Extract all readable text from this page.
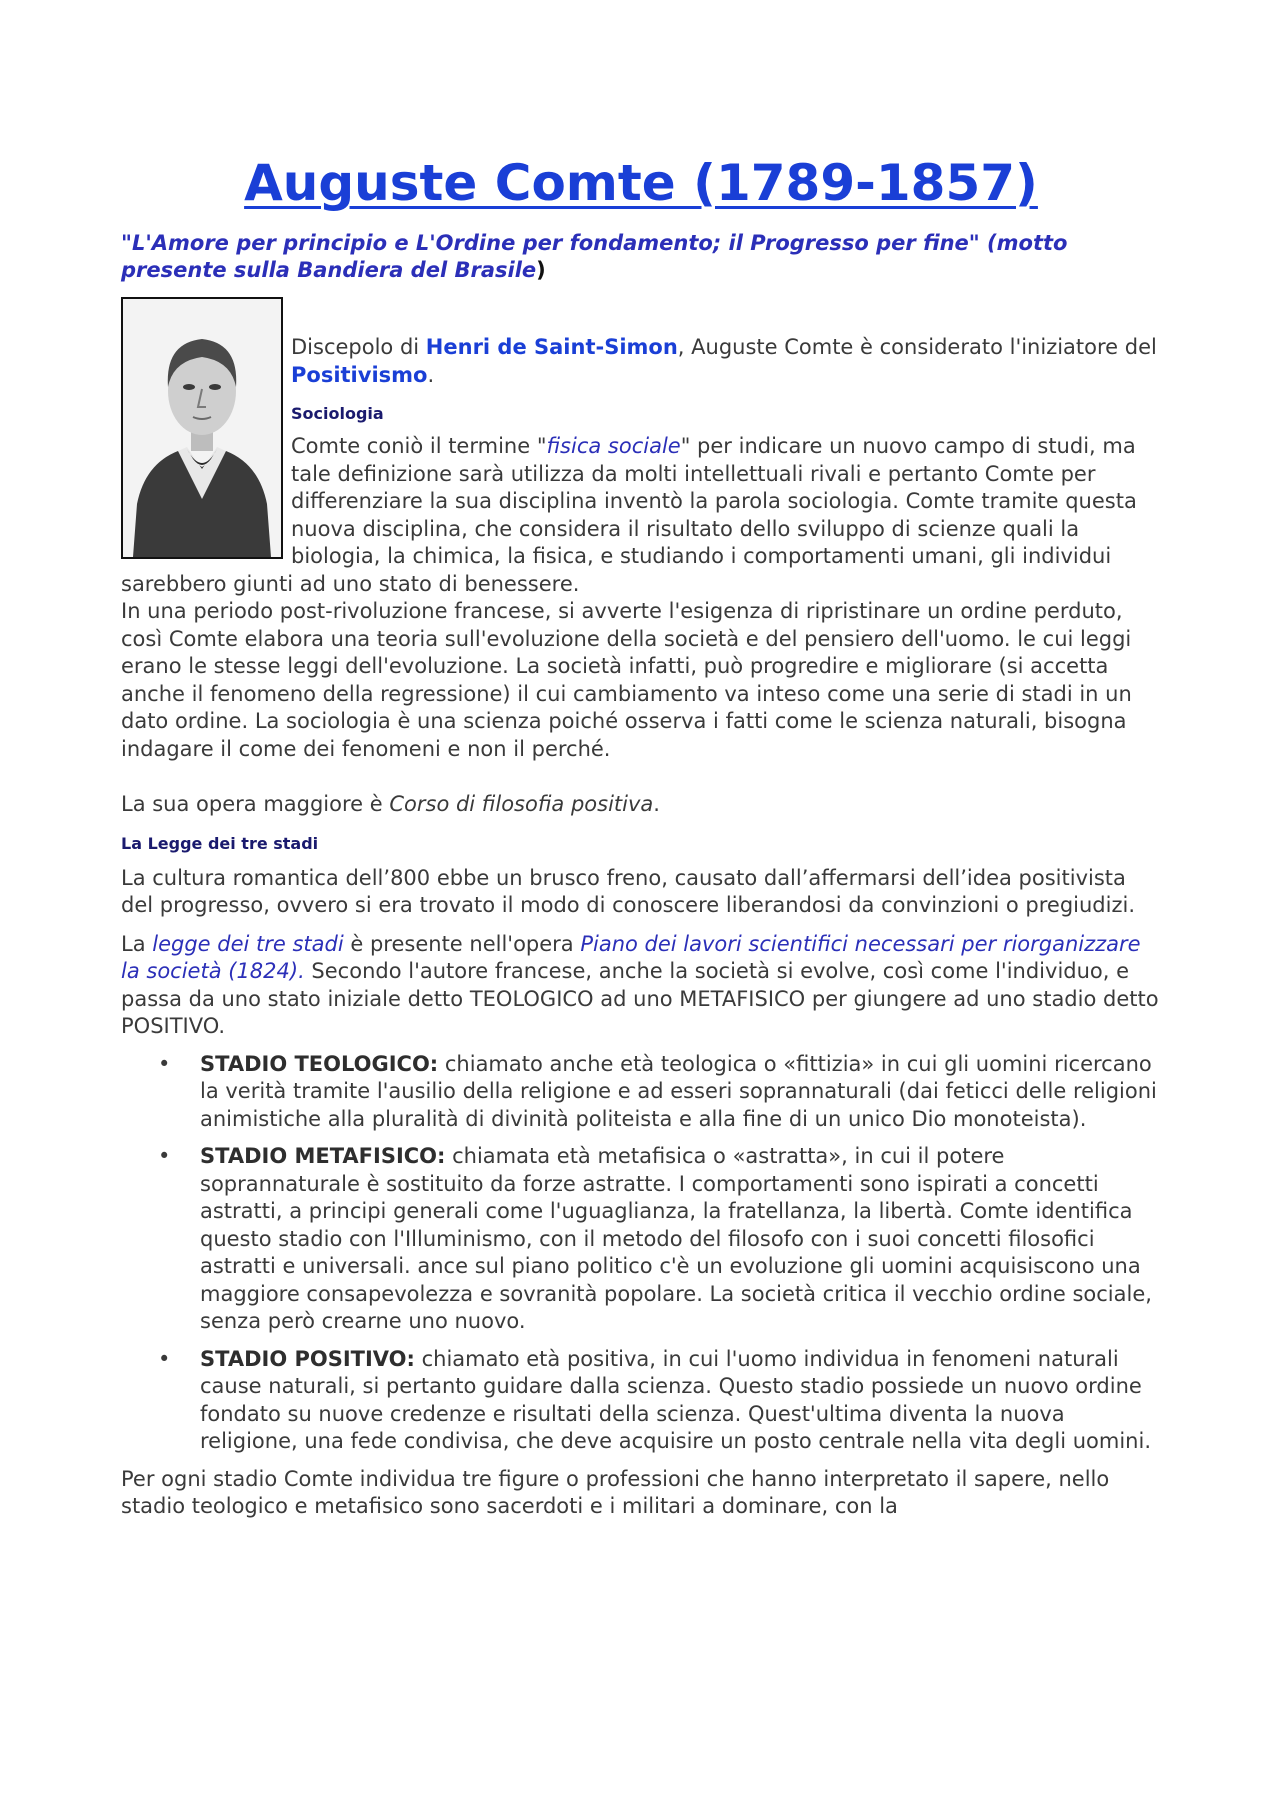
Auguste Comte (1789-1857)

"L'Amore per principio e L'Ordine per fondamento; il Progresso per fine" (motto presente sulla Bandiera del Brasile)

Discepolo di Henri de Saint-Simon, Auguste Comte è considerato l'iniziatore del Positivismo.

Sociologia

Comte coniò il termine "fisica sociale" per indicare un nuovo campo di studi, ma tale definizione sarà utilizza da molti intellettuali rivali e pertanto Comte per differenziare la sua disciplina inventò la parola sociologia. Comte tramite questa nuova disciplina, che considera il risultato dello sviluppo di scienze quali la biologia, la chimica, la fisica, e studiando i comportamenti umani, gli individui sarebbero giunti ad uno stato di benessere.

In una periodo post-rivoluzione francese, si avverte l'esigenza di ripristinare un ordine perduto, così Comte elabora una teoria sull'evoluzione della società e del pensiero dell'uomo. le cui leggi erano le stesse leggi dell'evoluzione. La società infatti, può progredire e migliorare (si accetta anche il fenomeno della regressione) il cui cambiamento va inteso come una serie di stadi in un dato ordine. La sociologia è una scienza poiché osserva i fatti come le scienza naturali, bisogna indagare il come dei fenomeni e non il perché.

La sua opera maggiore è Corso di filosofia positiva.

La Legge dei tre stadi

La cultura romantica dell’800 ebbe un brusco freno, causato dall’affermarsi dell’idea positivista del progresso, ovvero si era trovato il modo di conoscere liberandosi da convinzioni o pregiudizi.

La legge dei tre stadi è presente nell'opera Piano dei lavori scientifici necessari per riorganizzare la società (1824). Secondo l'autore francese, anche la società si evolve, così come l'individuo, e passa da uno stato iniziale detto TEOLOGICO ad uno METAFISICO per giungere ad uno stadio detto POSITIVO.

• STADIO TEOLOGICO: chiamato anche età teologica o «fittizia» in cui gli uomini ricercano la verità tramite l'ausilio della religione e ad esseri soprannaturali (dai feticci delle religioni animistiche alla pluralità di divinità politeista e alla fine di un unico Dio monoteista).
• STADIO METAFISICO: chiamata età metafisica o «astratta», in cui il potere soprannaturale è sostituito da forze astratte. I comportamenti sono ispirati a concetti astratti, a principi generali come l'uguaglianza, la fratellanza, la libertà. Comte identifica questo stadio con l'Illuminismo, con il metodo del filosofo con i suoi concetti filosofici astratti e universali. ance sul piano politico c'è un evoluzione gli uomini acquisiscono una maggiore consapevolezza e sovranità popolare. La società critica il vecchio ordine sociale, senza però crearne uno nuovo.
• STADIO POSITIVO: chiamato età positiva, in cui l'uomo individua in fenomeni naturali cause naturali, si pertanto guidare dalla scienza. Questo stadio possiede un nuovo ordine fondato su nuove credenze e risultati della scienza. Quest'ultima diventa la nuova religione, una fede condivisa, che deve acquisire un posto centrale nella vita degli uomini.

Per ogni stadio Comte individua tre figure o professioni che hanno interpretato il sapere, nello stadio teologico e metafisico sono sacerdoti e i militari a dominare, con la
